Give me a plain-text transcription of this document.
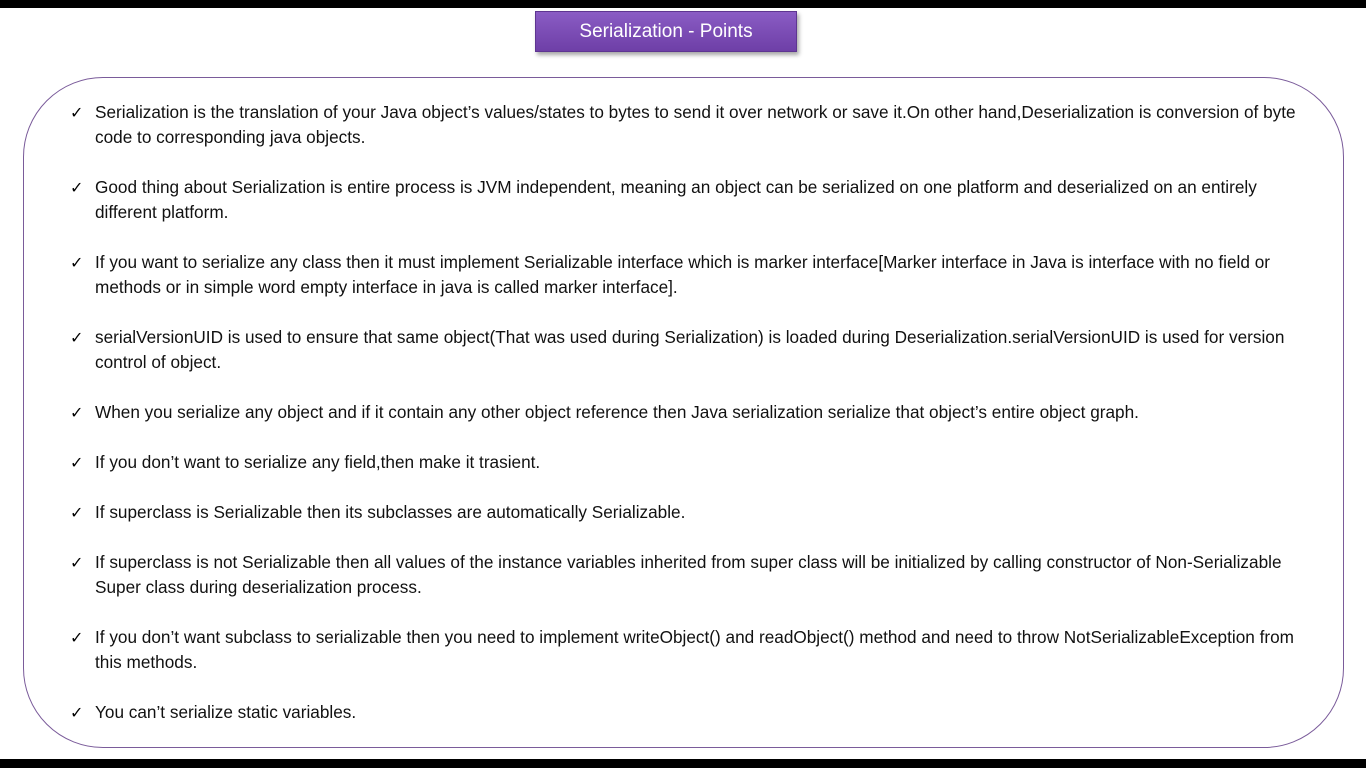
Serialization - Points
✓ Serialization is the translation of your Java object’s values/states to bytes to send it over network or save it.On other hand,Deserialization is conversion of byte code to corresponding java objects.
✓ Good thing about Serialization is entire process is JVM independent, meaning an object can be serialized on one platform and deserialized on an entirely different platform.
✓ If you want to serialize any class then it must implement Serializable interface which is marker interface[Marker interface in Java is interface with no field or methods or in simple word empty interface in java is called marker interface].
✓ serialVersionUID is used to ensure that same object(That was used during Serialization) is loaded during Deserialization.serialVersionUID is used for version control of object.
✓ When you serialize any object and if it contain any other object reference then Java serialization serialize that object’s entire object graph.
✓ If you don’t want to serialize any field,then make it trasient.
✓ If superclass is Serializable then its subclasses are automatically Serializable.
✓ If superclass is not Serializable then all values of the instance variables inherited from super class will be initialized by calling constructor of Non-Serializable Super class during deserialization process.
✓ If you don’t want subclass to serializable then you need to implement writeObject() and readObject() method and need to throw NotSerializableException from this methods.
✓ You can’t serialize static variables.
